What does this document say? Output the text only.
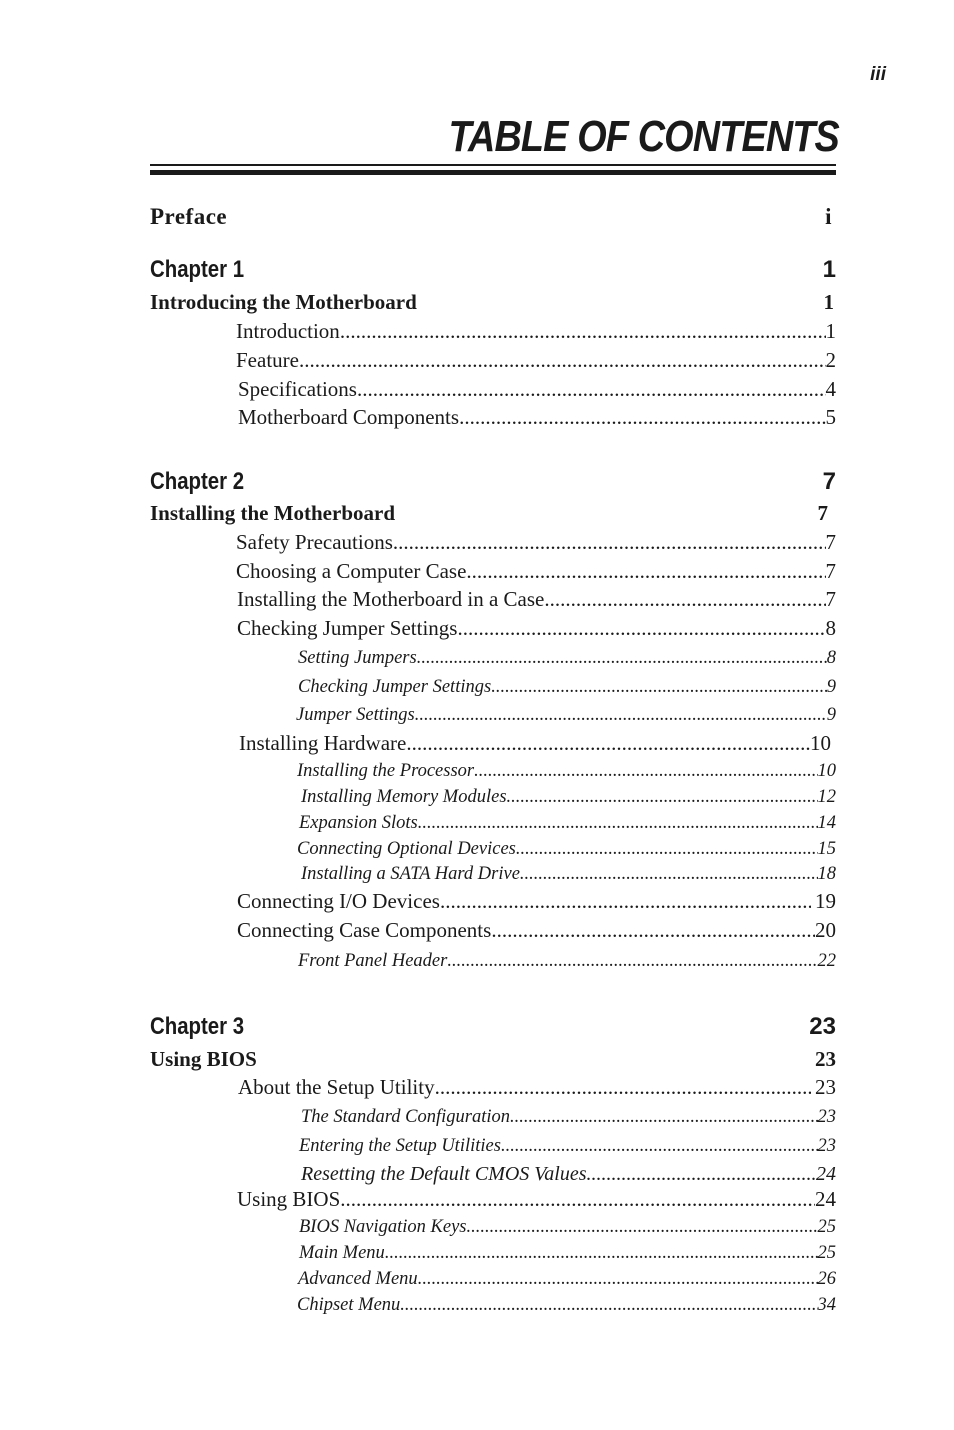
iii
TABLE OF CONTENTS
Preface	i
Chapter 1	1
Introducing the Motherboard	1
Introduction .....	1
Feature .....	2
Specifications .....	4
Motherboard Components .....	5
Chapter 2	7
Installing the Motherboard	7
Safety Precautions .....	7
Choosing a Computer Case .....	7
Installing the Motherboard in a Case .....	7
Checking Jumper Settings .....	8
Setting Jumpers .....	8
Checking Jumper Settings .....	9
Jumper Settings .....	9
Installing Hardware .....	10
Installing the Processor .....	10
Installing Memory Modules .....	12
Expansion Slots .....	14
Connecting Optional Devices .....	15
Installing a SATA Hard Drive .....	18
Connecting I/O Devices .....	19
Connecting Case Components .....	20
Front Panel Header .....	22
Chapter 3	23
Using BIOS	23
About the Setup Utility .....	23
The Standard Configuration .....	23
Entering the Setup Utilities .....	23
Resetting the Default CMOS Values .....	24
Using BIOS .....	24
BIOS Navigation Keys .....	25
Main Menu .....	25
Advanced Menu .....	26
Chipset Menu .....	34
